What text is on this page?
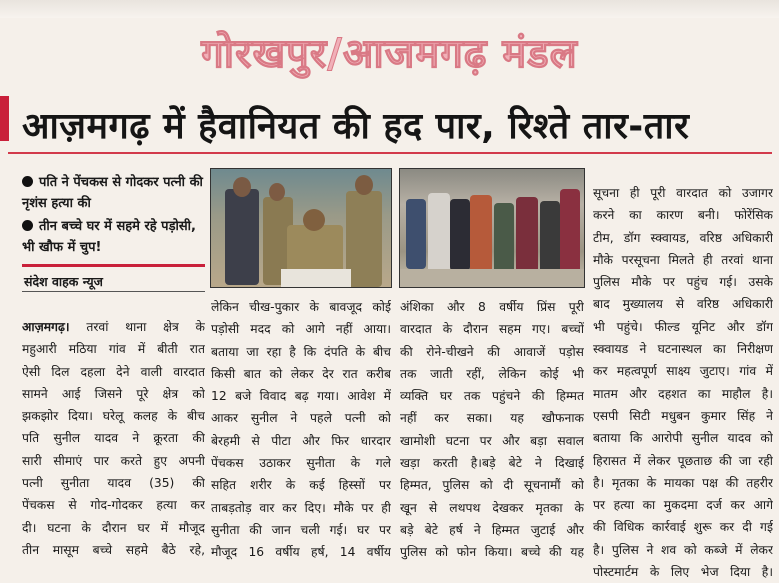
गोरखपुर/आजमगढ़ मंडल
आज़मगढ़ में हैवानियत की हद पार, रिश्ते तार-तार
पति ने पेंचकस से गोदकर पत्नी की नृशंस हत्या की
तीन बच्चे घर में सहमे रहे पड़ोसी, भी खौफ में चुप!
संदेश वाहक न्यूज
आज़मगढ़। तरवां थाना क्षेत्र के
महुआरी मठिया गांव में बीती रात
ऐसी दिल दहला देने वाली वारदात
सामने आई जिसने पूरे क्षेत्र को
झकझोर दिया। घरेलू कलह के बीच
पति सुनील यादव ने क्रूरता की
सारी सीमाएं पार करते हुए अपनी
पत्नी सुनीता यादव (35) की
पेंचकस से गोद-गोदकर हत्या कर
दी। घटना के दौरान घर में मौजूद
तीन मासूम बच्चे सहमे बैठे रहे,
लेकिन चीख-पुकार के बावजूद कोई
पड़ोसी मदद को आगे नहीं आया।
बताया जा रहा है कि दंपति के बीच
किसी बात को लेकर देर रात करीब
12 बजे विवाद बढ़ गया। आवेश में
आकर सुनील ने पहले पत्नी को
बेरहमी से पीटा और फिर धारदार
पेंचकस उठाकर सुनीता के गले
सहित शरीर के कई हिस्सों पर
ताबड़तोड़ वार कर दिए। मौके पर ही
सुनीता की जान चली गई। घर पर
मौजूद 16 वर्षीय हर्ष, 14 वर्षीय
अंशिका और 8 वर्षीय प्रिंस पूरी
वारदात के दौरान सहम गए। बच्चों
की रोने-चीखने की आवाजें पड़ोस
तक जाती रहीं, लेकिन कोई भी
व्यक्ति घर तक पहुंचने की हिम्मत
नहीं कर सका। यह खौफनाक
खामोशी घटना पर और बड़ा सवाल
खड़ा करती है।बड़े बेटे ने दिखाई
हिम्मत, पुलिस को दी सूचनामौं को
खून से लथपथ देखकर मृतका के
बड़े बेटे हर्ष ने हिम्मत जुटाई और
पुलिस को फोन किया। बच्चे की यह
सूचना ही पूरी वारदात को उजागर
करने का कारण बनी। फोरेंसिक
टीम, डॉग स्क्वायड, वरिष्ठ अधिकारी
मौके परसूचना मिलते ही तरवां थाना
पुलिस मौके पर पहुंच गई। उसके
बाद मुख्यालय से वरिष्ठ अधिकारी
भी पहुंचे। फील्ड यूनिट और डॉग
स्क्वायड ने घटनास्थल का निरीक्षण
कर महत्वपूर्ण साक्ष्य जुटाए। गांव में
मातम और दहशत का माहौल है।
एसपी सिटी मधुबन कुमार सिंह ने
बताया कि आरोपी सुनील यादव को
हिरासत में लेकर पूछताछ की जा रही
है। मृतका के मायका पक्ष की तहरीर
पर हत्या का मुकदमा दर्ज कर आगे
की विधिक कार्रवाई शुरू कर दी गई
है। पुलिस ने शव को कब्जे में लेकर
पोस्टमार्टम के लिए भेज दिया है।
